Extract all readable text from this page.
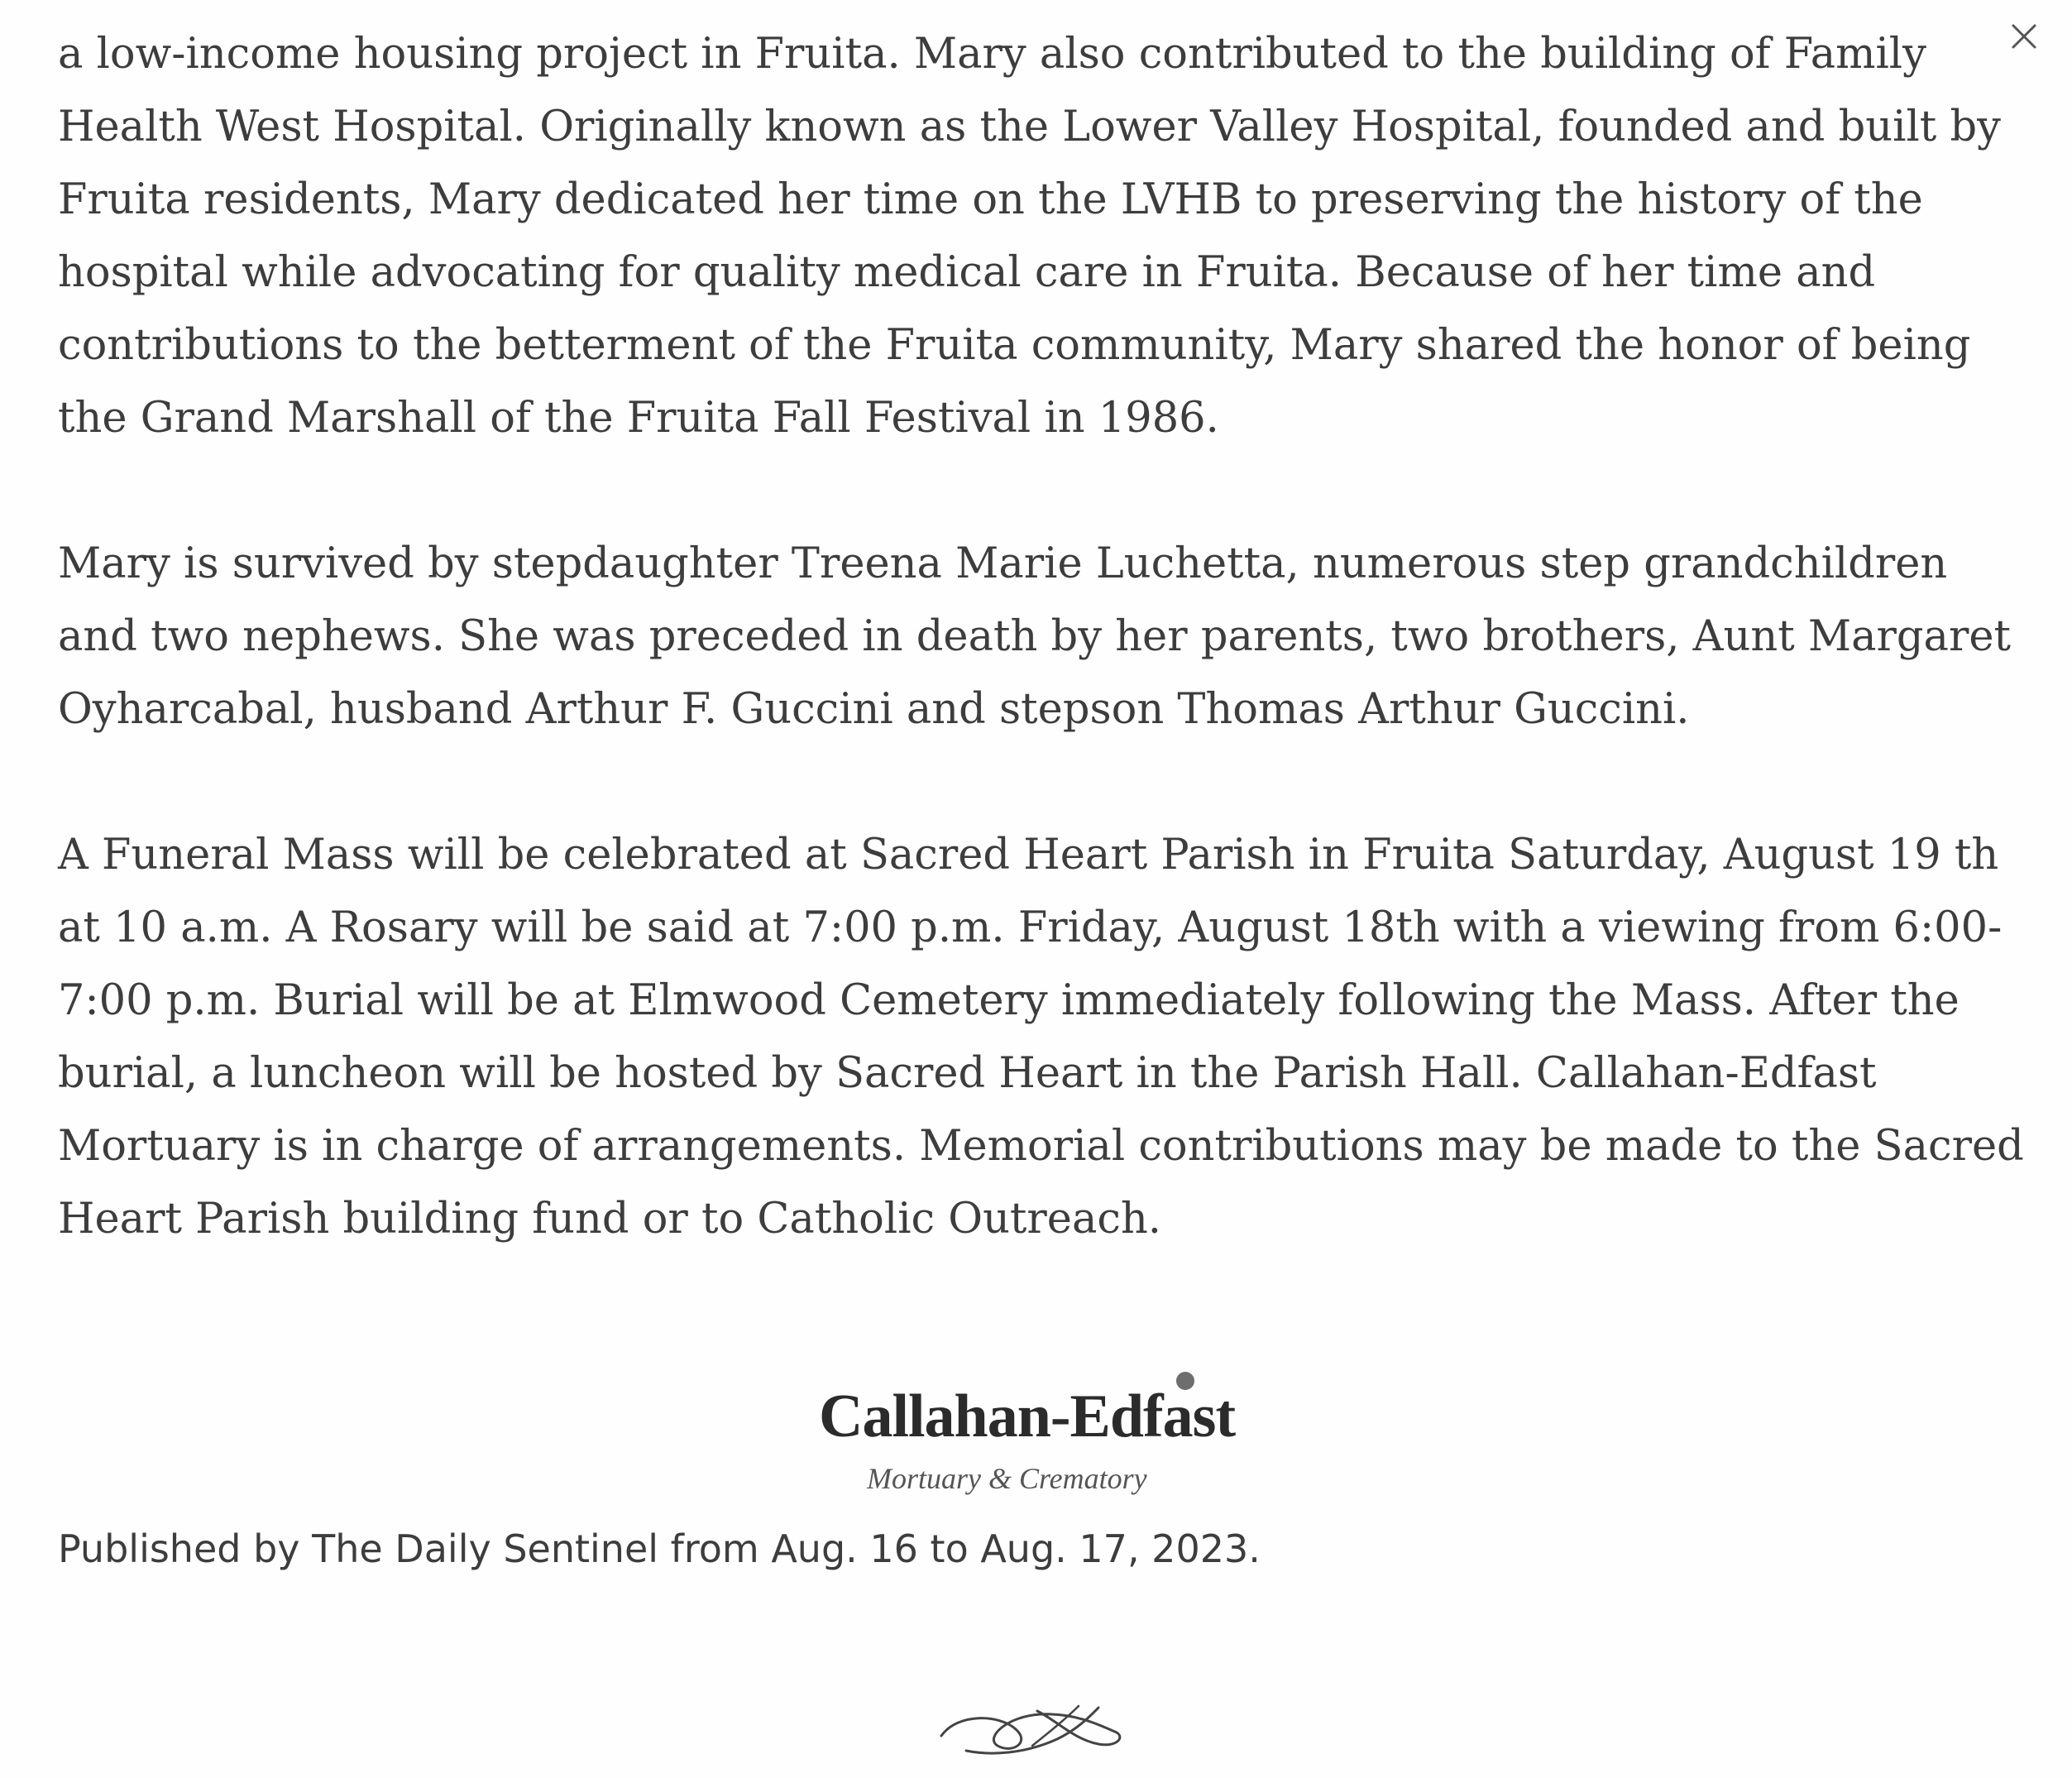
a low-income housing project in Fruita. Mary also contributed to the building of Family Health West Hospital. Originally known as the Lower Valley Hospital, founded and built by Fruita residents, Mary dedicated her time on the LVHB to preserving the history of the hospital while advocating for quality medical care in Fruita. Because of her time and contributions to the betterment of the Fruita community, Mary shared the honor of being the Grand Marshall of the Fruita Fall Festival in 1986.

Mary is survived by stepdaughter Treena Marie Luchetta, numerous step grandchildren and two nephews. She was preceded in death by her parents, two brothers, Aunt Margaret Oyharcabal, husband Arthur F. Guccini and stepson Thomas Arthur Guccini.

A Funeral Mass will be celebrated at Sacred Heart Parish in Fruita Saturday, August 19 th at 10 a.m. A Rosary will be said at 7:00 p.m. Friday, August 18th with a viewing from 6:00-7:00 p.m. Burial will be at Elmwood Cemetery immediately following the Mass. After the burial, a luncheon will be hosted by Sacred Heart in the Parish Hall. Callahan-Edfast Mortuary is in charge of arrangements. Memorial contributions may be made to the Sacred Heart Parish building fund or to Catholic Outreach.

Callahan-Edfast
Mortuary & Crematory
Published by The Daily Sentinel from Aug. 16 to Aug. 17, 2023.
